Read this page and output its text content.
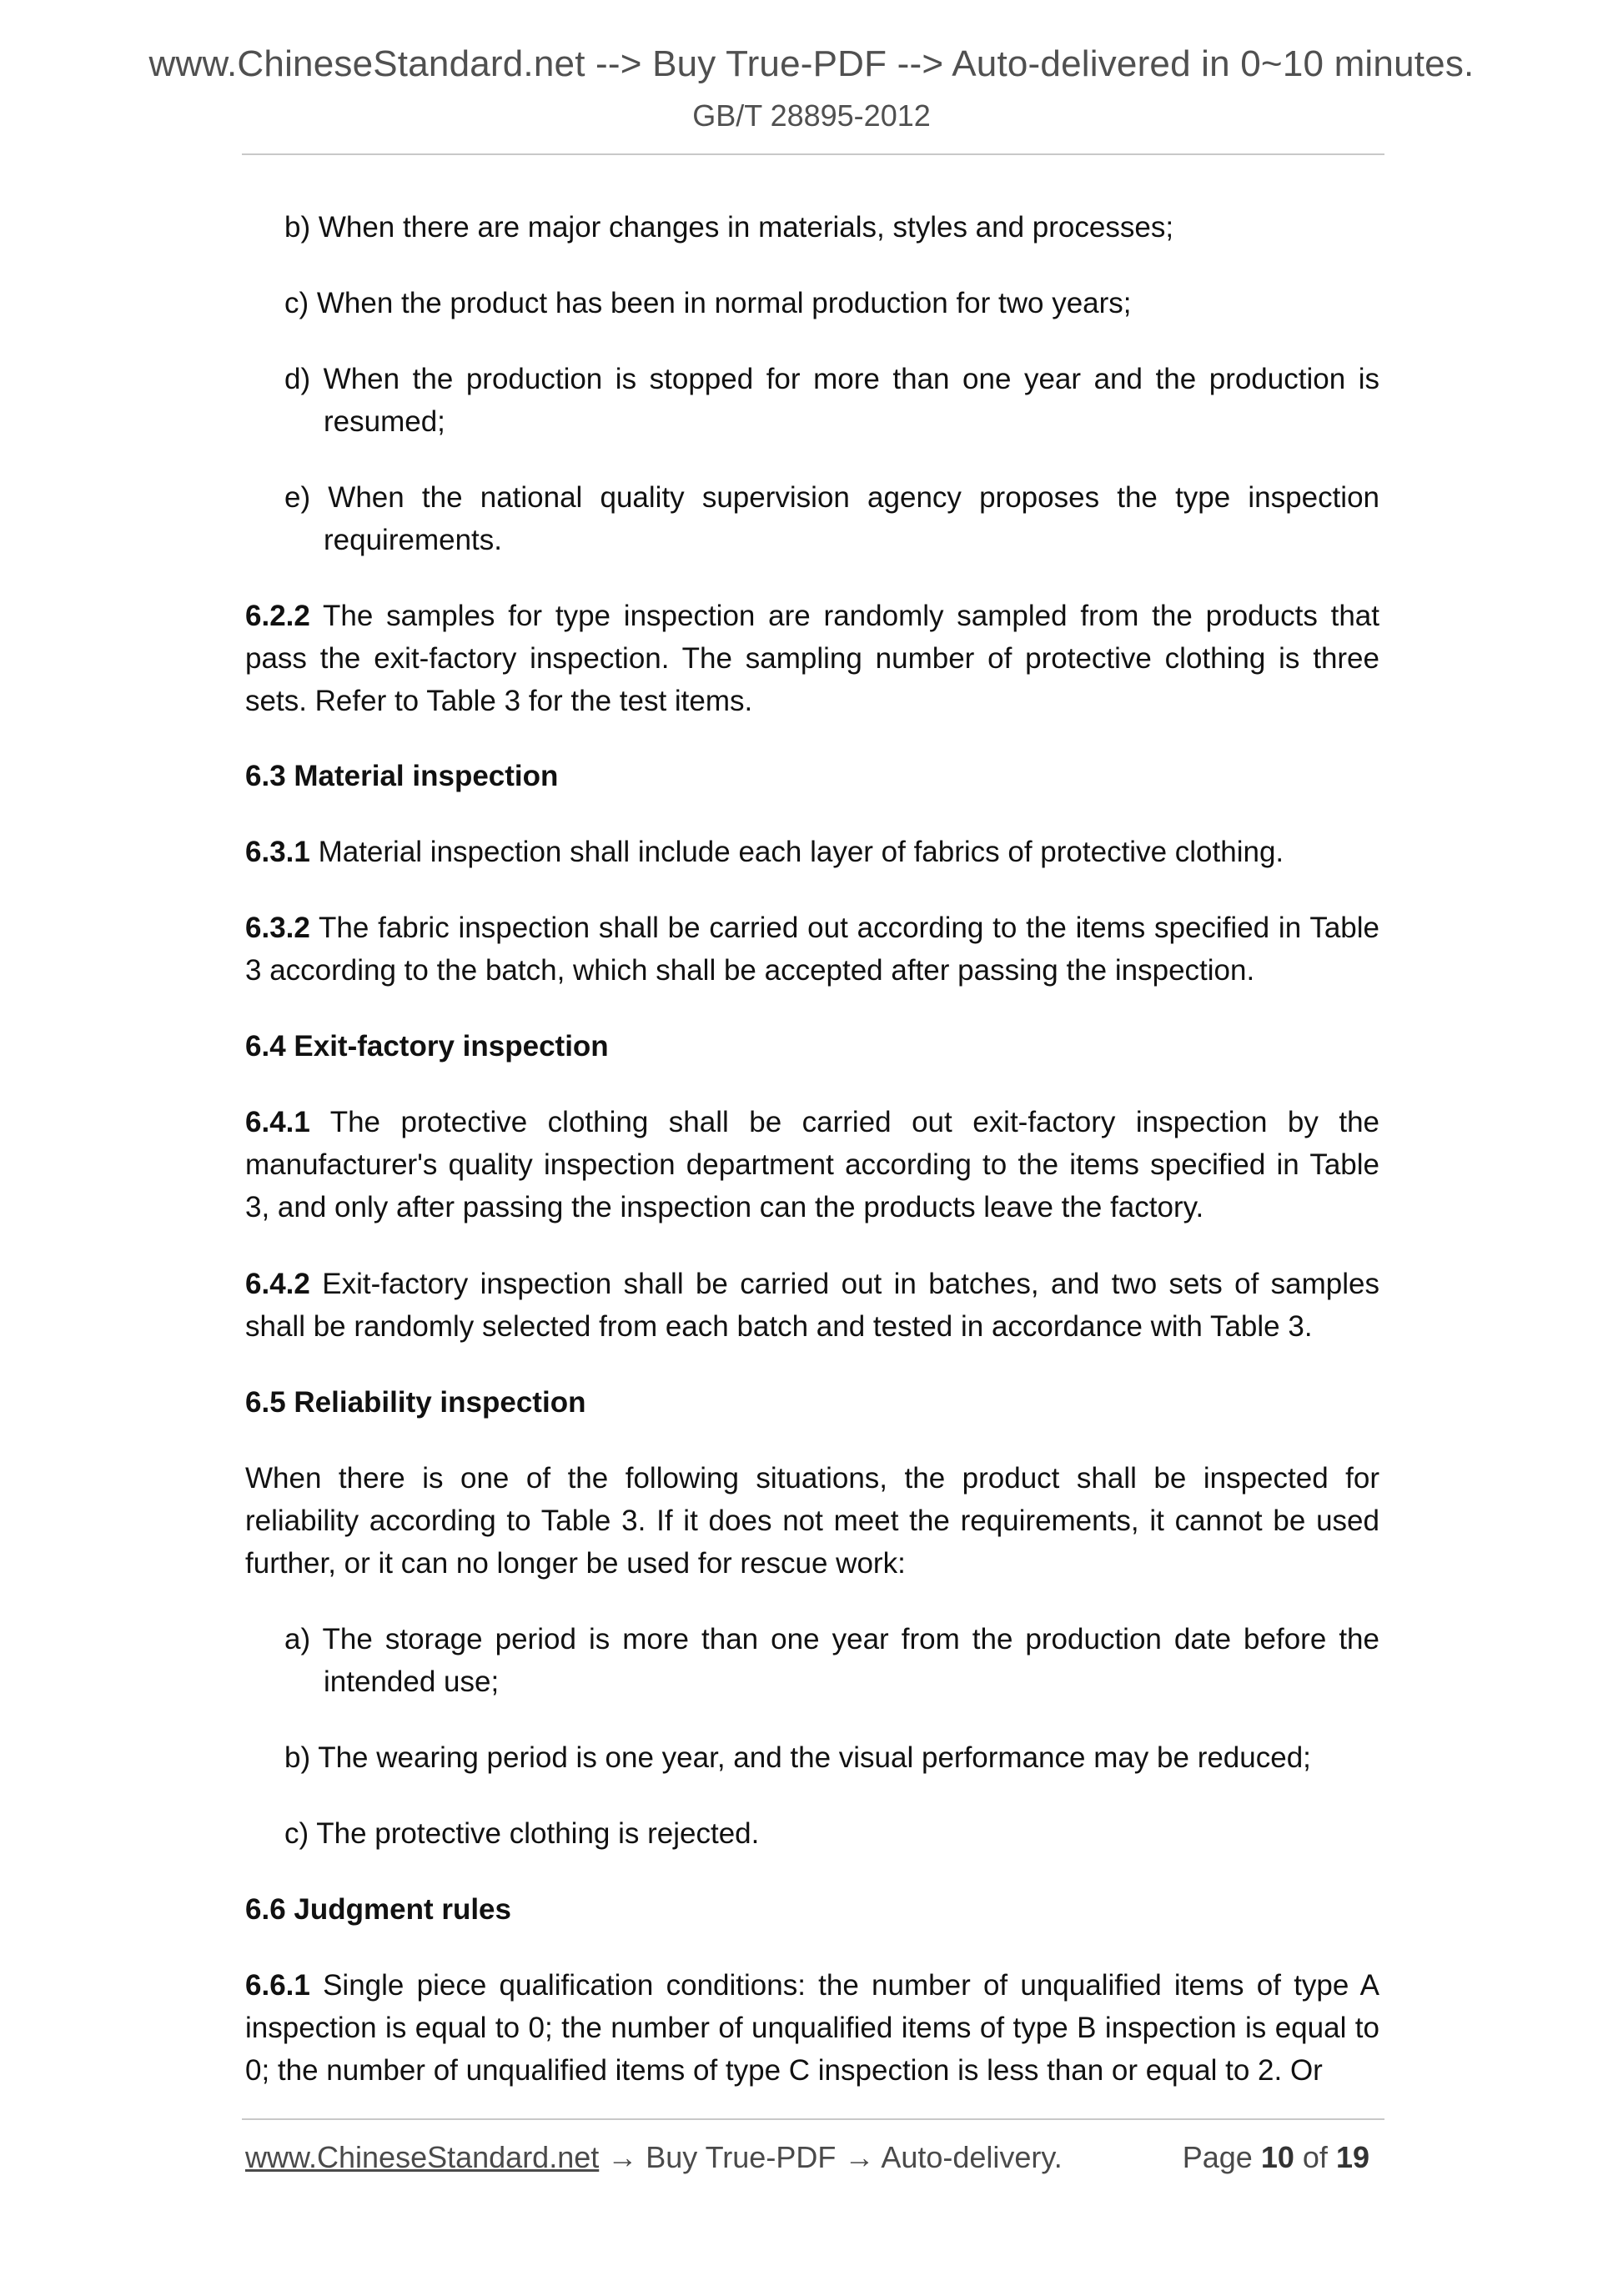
www.ChineseStandard.net --> Buy True-PDF --> Auto-delivered in 0~10 minutes.
GB/T 28895-2012

b) When there are major changes in materials, styles and processes;

c) When the product has been in normal production for two years;

d) When the production is stopped for more than one year and the production is resumed;

e) When the national quality supervision agency proposes the type inspection requirements.

6.2.2 The samples for type inspection are randomly sampled from the products that pass the exit-factory inspection. The sampling number of protective clothing is three sets. Refer to Table 3 for the test items.

6.3 Material inspection

6.3.1 Material inspection shall include each layer of fabrics of protective clothing.

6.3.2 The fabric inspection shall be carried out according to the items specified in Table 3 according to the batch, which shall be accepted after passing the inspection.

6.4 Exit-factory inspection

6.4.1 The protective clothing shall be carried out exit-factory inspection by the manufacturer's quality inspection department according to the items specified in Table 3, and only after passing the inspection can the products leave the factory.

6.4.2 Exit-factory inspection shall be carried out in batches, and two sets of samples shall be randomly selected from each batch and tested in accordance with Table 3.

6.5 Reliability inspection

When there is one of the following situations, the product shall be inspected for reliability according to Table 3. If it does not meet the requirements, it cannot be used further, or it can no longer be used for rescue work:

a) The storage period is more than one year from the production date before the intended use;

b) The wearing period is one year, and the visual performance may be reduced;

c) The protective clothing is rejected.

6.6 Judgment rules

6.6.1 Single piece qualification conditions: the number of unqualified items of type A inspection is equal to 0; the number of unqualified items of type B inspection is equal to 0; the number of unqualified items of type C inspection is less than or equal to 2. Or

www.ChineseStandard.net → Buy True-PDF → Auto-delivery.	Page 10 of 19
